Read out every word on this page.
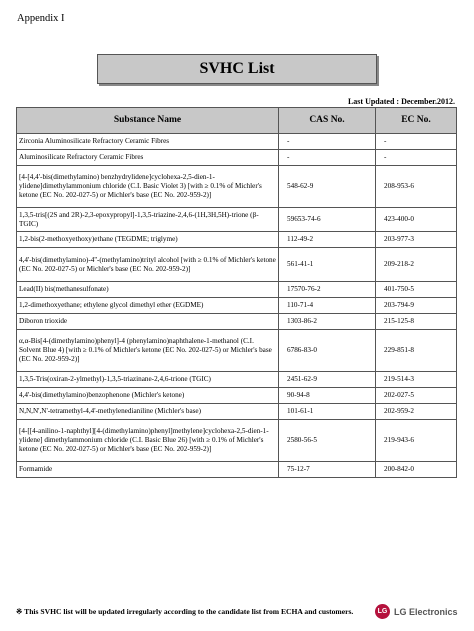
Appendix I
SVHC List
Last Updated : December.2012.
Substance Name	CAS No.	EC No.
Zirconia Aluminosilicate Refractory Ceramic Fibres	-	-
Aluminosilicate Refractory Ceramic Fibres	-	-
[4-[4,4'-bis(dimethylamino) benzhydrylidene]cyclohexa-2,5-dien-1-ylidene]dimethylammonium chloride (C.I. Basic Violet 3) [with ≥ 0.1% of Michler's ketone (EC No. 202-027-5) or Michler's base (EC No. 202-959-2)]	548-62-9	208-953-6
1,3,5-tris[(2S and 2R)-2,3-epoxypropyl]-1,3,5-triazine-2,4,6-(1H,3H,5H)-trione (β-TGIC)	59653-74-6	423-400-0
1,2-bis(2-methoxyethoxy)ethane (TEGDME; triglyme)	112-49-2	203-977-3
4,4'-bis(dimethylamino)-4''-(methylamino)trityl alcohol [with ≥ 0.1% of Michler's ketone (EC No. 202-027-5) or Michler's base (EC No. 202-959-2)]	561-41-1	209-218-2
Lead(II) bis(methanesulfonate)	17570-76-2	401-750-5
1,2-dimethoxyethane; ethylene glycol dimethyl ether (EGDME)	110-71-4	203-794-9
Diboron trioxide	1303-86-2	215-125-8
α,α-Bis[4-(dimethylamino)phenyl]-4 (phenylamino)naphthalene-1-methanol (C.I. Solvent Blue 4) [with ≥ 0.1% of Michler's ketone (EC No. 202-027-5) or Michler's base (EC No. 202-959-2)]	6786-83-0	229-851-8
1,3,5-Tris(oxiran-2-ylmethyl)-1,3,5-triazinane-2,4,6-trione (TGIC)	2451-62-9	219-514-3
4,4'-bis(dimethylamino)benzophenone (Michler's ketone)	90-94-8	202-027-5
N,N,N',N'-tetramethyl-4,4'-methylenedianiline (Michler's base)	101-61-1	202-959-2
[4-[[4-anilino-1-naphthyl][4-(dimethylamino)phenyl]methylene]cyclohexa-2,5-dien-1-ylidene] dimethylammonium chloride (C.I. Basic Blue 26) [with ≥ 0.1% of Michler's ketone (EC No. 202-027-5) or Michler's base (EC No. 202-959-2)]	2580-56-5	219-943-6
Formamide	75-12-7	200-842-0
※ This SVHC list will be updated irregularly according to the candidate list from ECHA and customers.	LG LG Electronics
